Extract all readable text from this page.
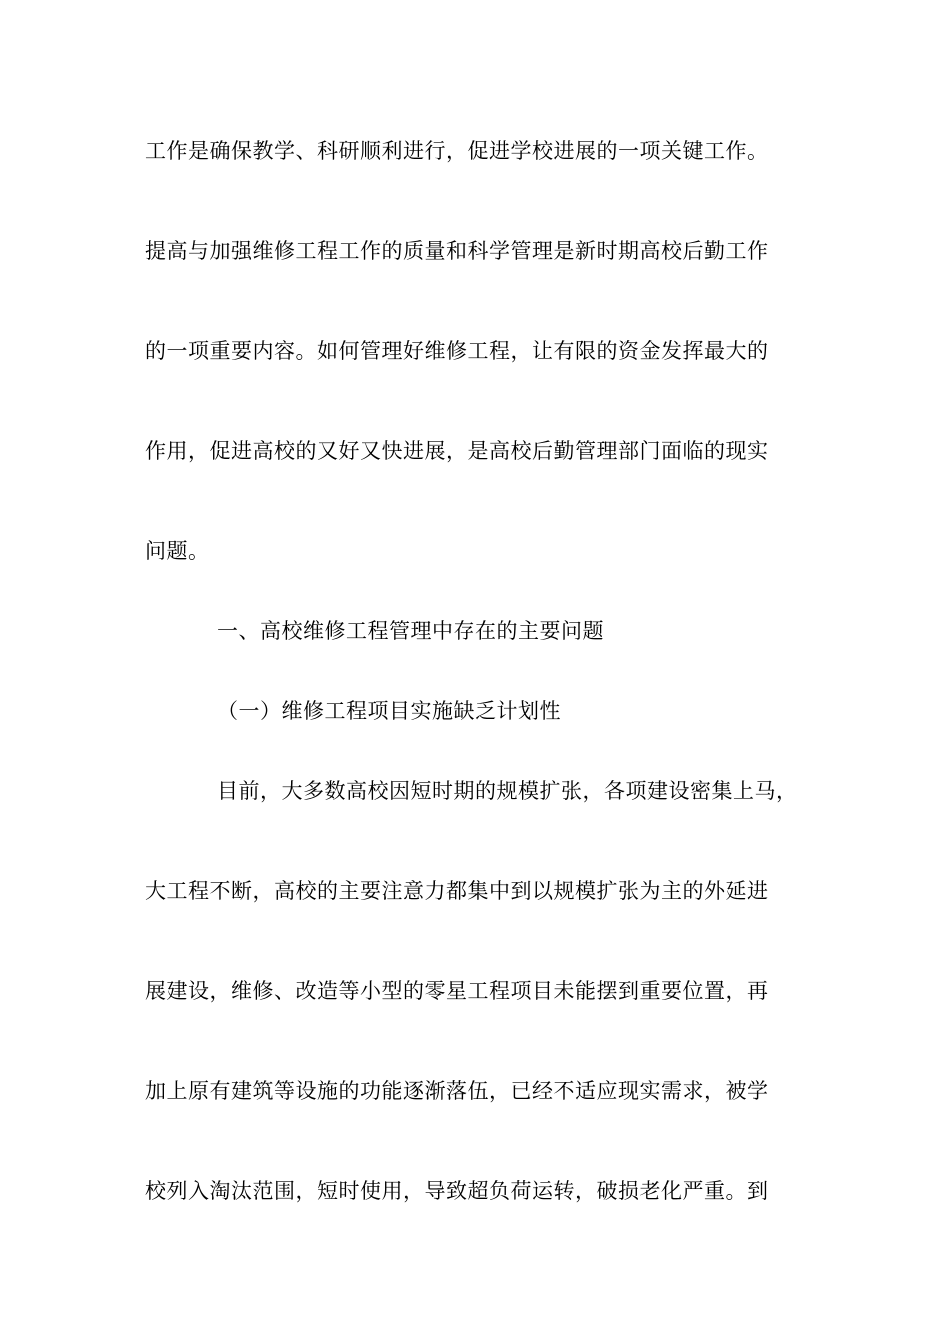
工作是确保教学、科研顺利进行，促进学校进展的一项关键工作。
提高与加强维修工程工作的质量和科学管理是新时期高校后勤工作
的一项重要内容。如何管理好维修工程，让有限的资金发挥最大的
作用，促进高校的又好又快进展，是高校后勤管理部门面临的现实
问题。
一、高校维修工程管理中存在的主要问题
（一）维修工程项目实施缺乏计划性
目前，大多数高校因短时期的规模扩张，各项建设密集上马，
大工程不断，高校的主要注意力都集中到以规模扩张为主的外延进
展建设，维修、改造等小型的零星工程项目未能摆到重要位置，再
加上原有建筑等设施的功能逐渐落伍，已经不适应现实需求，被学
校列入淘汰范围，短时使用，导致超负荷运转，破损老化严重。到
